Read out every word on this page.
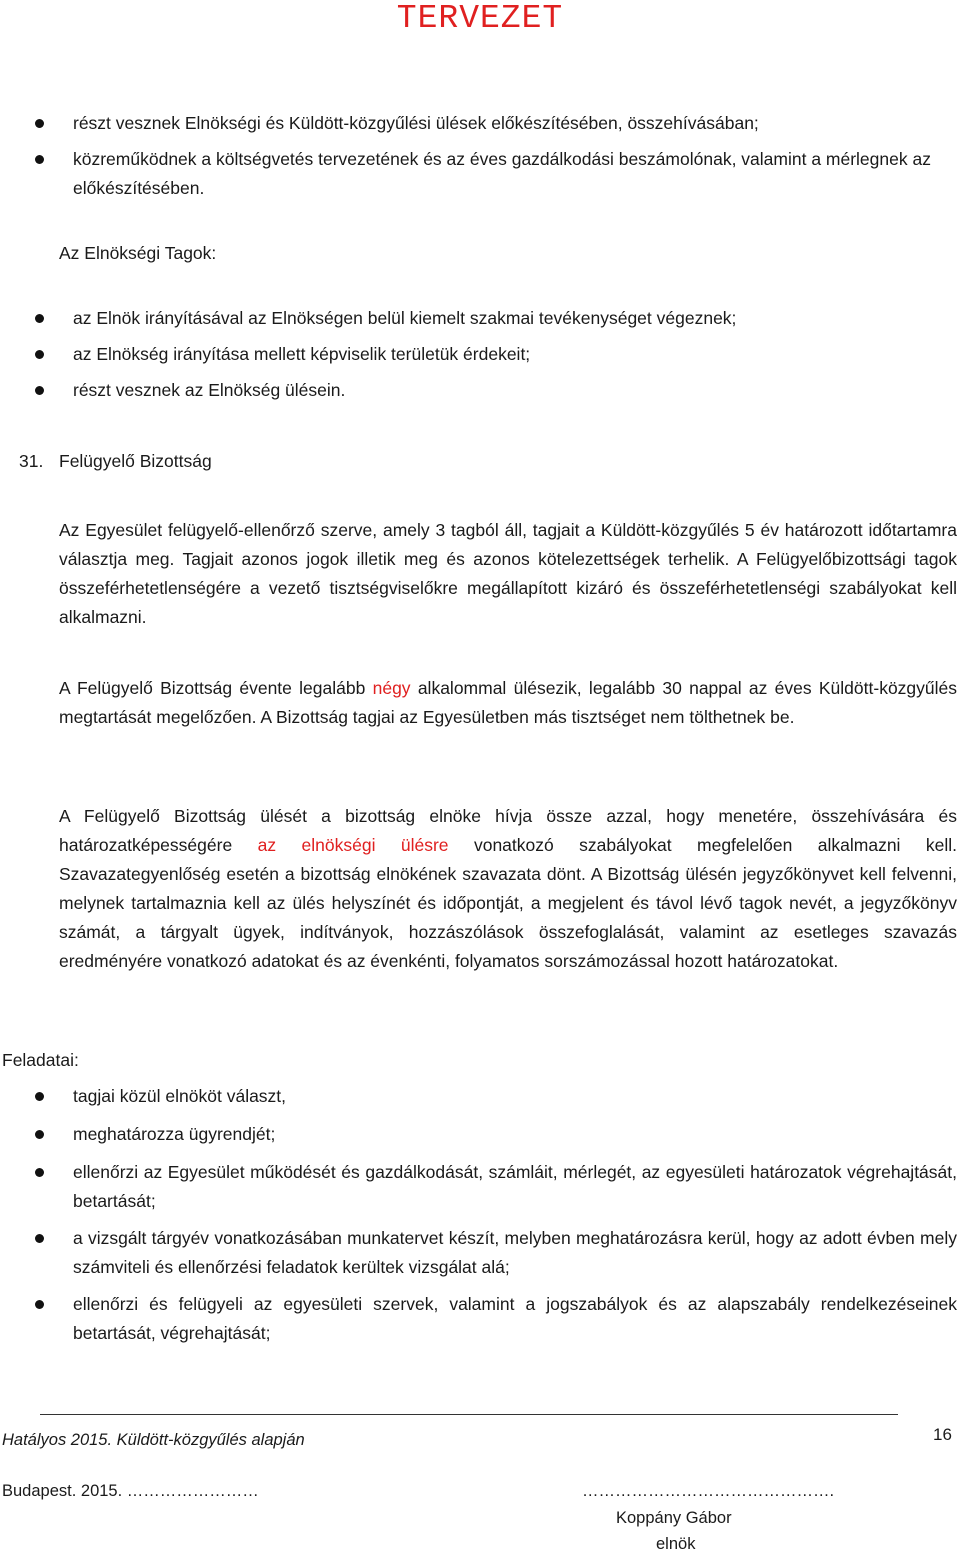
TERVEZET
részt vesznek Elnökségi és Küldött-közgyűlési ülések előkészítésében, összehívásában;
közreműködnek a költségvetés tervezetének és az éves gazdálkodási beszámolónak, valamint a mérlegnek az előkészítésében.

Az Elnökségi Tagok:

az Elnök irányításával az Elnökségen belül kiemelt szakmai tevékenységet végeznek;
az Elnökség irányítása mellett képviselik területük érdekeit;
részt vesznek az Elnökség ülésein.

31. Felügyelő Bizottság

Az Egyesület felügyelő-ellenőrző szerve, amely 3 tagból áll, tagjait a Küldött-közgyűlés 5 év határozott időtartamra választja meg. Tagjait azonos jogok illetik meg és azonos kötelezettségek terhelik. A Felügyelőbizottsági tagok összeférhetetlenségére a vezető tisztségviselőkre megállapított kizáró és összeférhetetlenségi szabályokat kell alkalmazni.

A Felügyelő Bizottság évente legalább négy alkalommal ülésezik, legalább 30 nappal az éves Küldött-közgyűlés megtartását megelőzően. A Bizottság tagjai az Egyesületben más tisztséget nem tölthetnek be.

A Felügyelő Bizottság ülését a bizottság elnöke hívja össze azzal, hogy menetére, összehívására és határozatképességére az elnökségi ülésre vonatkozó szabályokat megfelelően alkalmazni kell. Szavazategyenlőség esetén a bizottság elnökének szavazata dönt. A Bizottság ülésén jegyzőkönyvet kell felvenni, melynek tartalmaznia kell az ülés helyszínét és időpontját, a megjelent és távol lévő tagok nevét, a jegyzőkönyv számát, a tárgyalt ügyek, indítványok, hozzászólások összefoglalását, valamint az esetleges szavazás eredményére vonatkozó adatokat és az évenkénti, folyamatos sorszámozással hozott határozatokat.

Feladatai:

tagjai közül elnököt választ,
meghatározza ügyrendjét;
ellenőrzi az Egyesület működését és gazdálkodását, számláit, mérlegét, az egyesületi határozatok végrehajtását, betartását;
a vizsgált tárgyév vonatkozásában munkatervet készít, melyben meghatározásra kerül, hogy az adott évben mely számviteli és ellenőrzési feladatok kerültek vizsgálat alá;
ellenőrzi és felügyeli az egyesületi szervek, valamint a jogszabályok és az alapszabály rendelkezéseinek betartását, végrehajtását;
Hatályos 2015. Küldött-közgyűlés alapján	16
Budapest. 2015. ……………………	……………………………………….
Koppány Gábor
elnök
